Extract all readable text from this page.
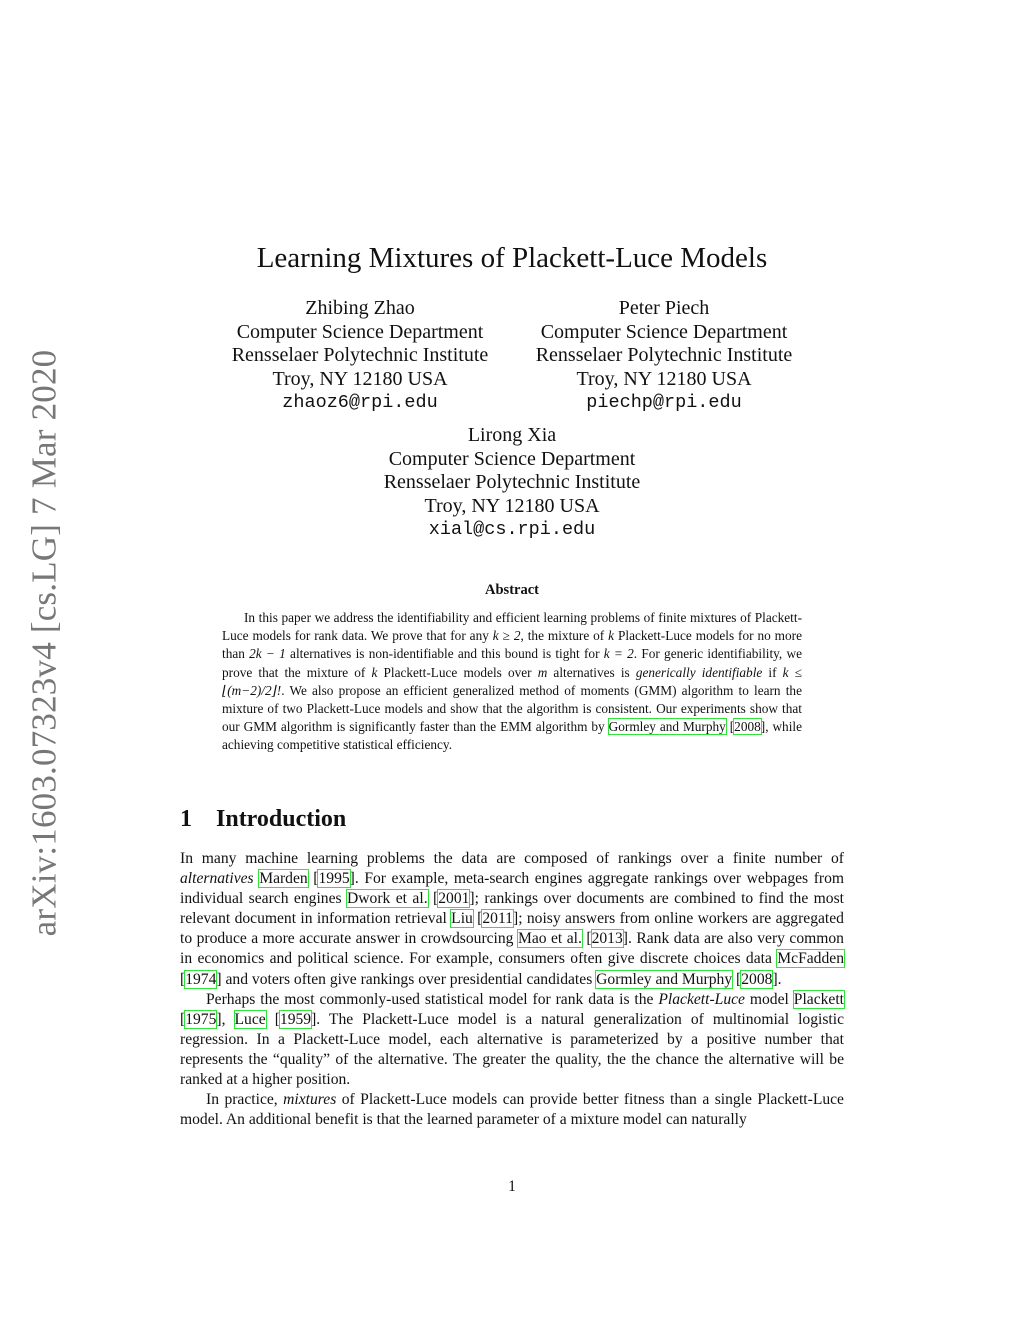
arXiv:1603.07323v4 [cs.LG] 7 Mar 2020
Learning Mixtures of Plackett-Luce Models
Zhibing Zhao
Computer Science Department
Rensselaer Polytechnic Institute
Troy, NY 12180 USA
zhaoz6@rpi.edu
Peter Piech
Computer Science Department
Rensselaer Polytechnic Institute
Troy, NY 12180 USA
piechp@rpi.edu
Lirong Xia
Computer Science Department
Rensselaer Polytechnic Institute
Troy, NY 12180 USA
xial@cs.rpi.edu
Abstract

In this paper we address the identifiability and efficient learning problems of finite mixtures of Plackett-Luce models for rank data. We prove that for any k ≥ 2, the mixture of k Plackett-Luce models for no more than 2k − 1 alternatives is non-identifiable and this bound is tight for k = 2. For generic identifiability, we prove that the mixture of k Plackett-Luce models over m alternatives is generically identifiable if k ≤ ⌊(m−2)/2⌋!. We also propose an efficient generalized method of moments (GMM) algorithm to learn the mixture of two Plackett-Luce models and show that the algorithm is consistent. Our experiments show that our GMM algorithm is significantly faster than the EMM algorithm by Gormley and Murphy [2008], while achieving competitive statistical efficiency.

1 Introduction

In many machine learning problems the data are composed of rankings over a finite number of alternatives Marden [1995]. For example, meta-search engines aggregate rankings over webpages from individual search engines Dwork et al. [2001]; rankings over documents are combined to find the most relevant document in information retrieval Liu [2011]; noisy answers from online workers are aggregated to produce a more accurate answer in crowdsourcing Mao et al. [2013]. Rank data are also very common in economics and political science. For example, consumers often give discrete choices data McFadden [1974] and voters often give rankings over presidential candidates Gormley and Murphy [2008].

Perhaps the most commonly-used statistical model for rank data is the Plackett-Luce model Plackett [1975], Luce [1959]. The Plackett-Luce model is a natural generalization of multinomial logistic regression. In a Plackett-Luce model, each alternative is parameterized by a positive number that represents the “quality” of the alternative. The greater the quality, the the chance the alternative will be ranked at a higher position.

In practice, mixtures of Plackett-Luce models can provide better fitness than a single Plackett-Luce model. An additional benefit is that the learned parameter of a mixture model can naturally

1
